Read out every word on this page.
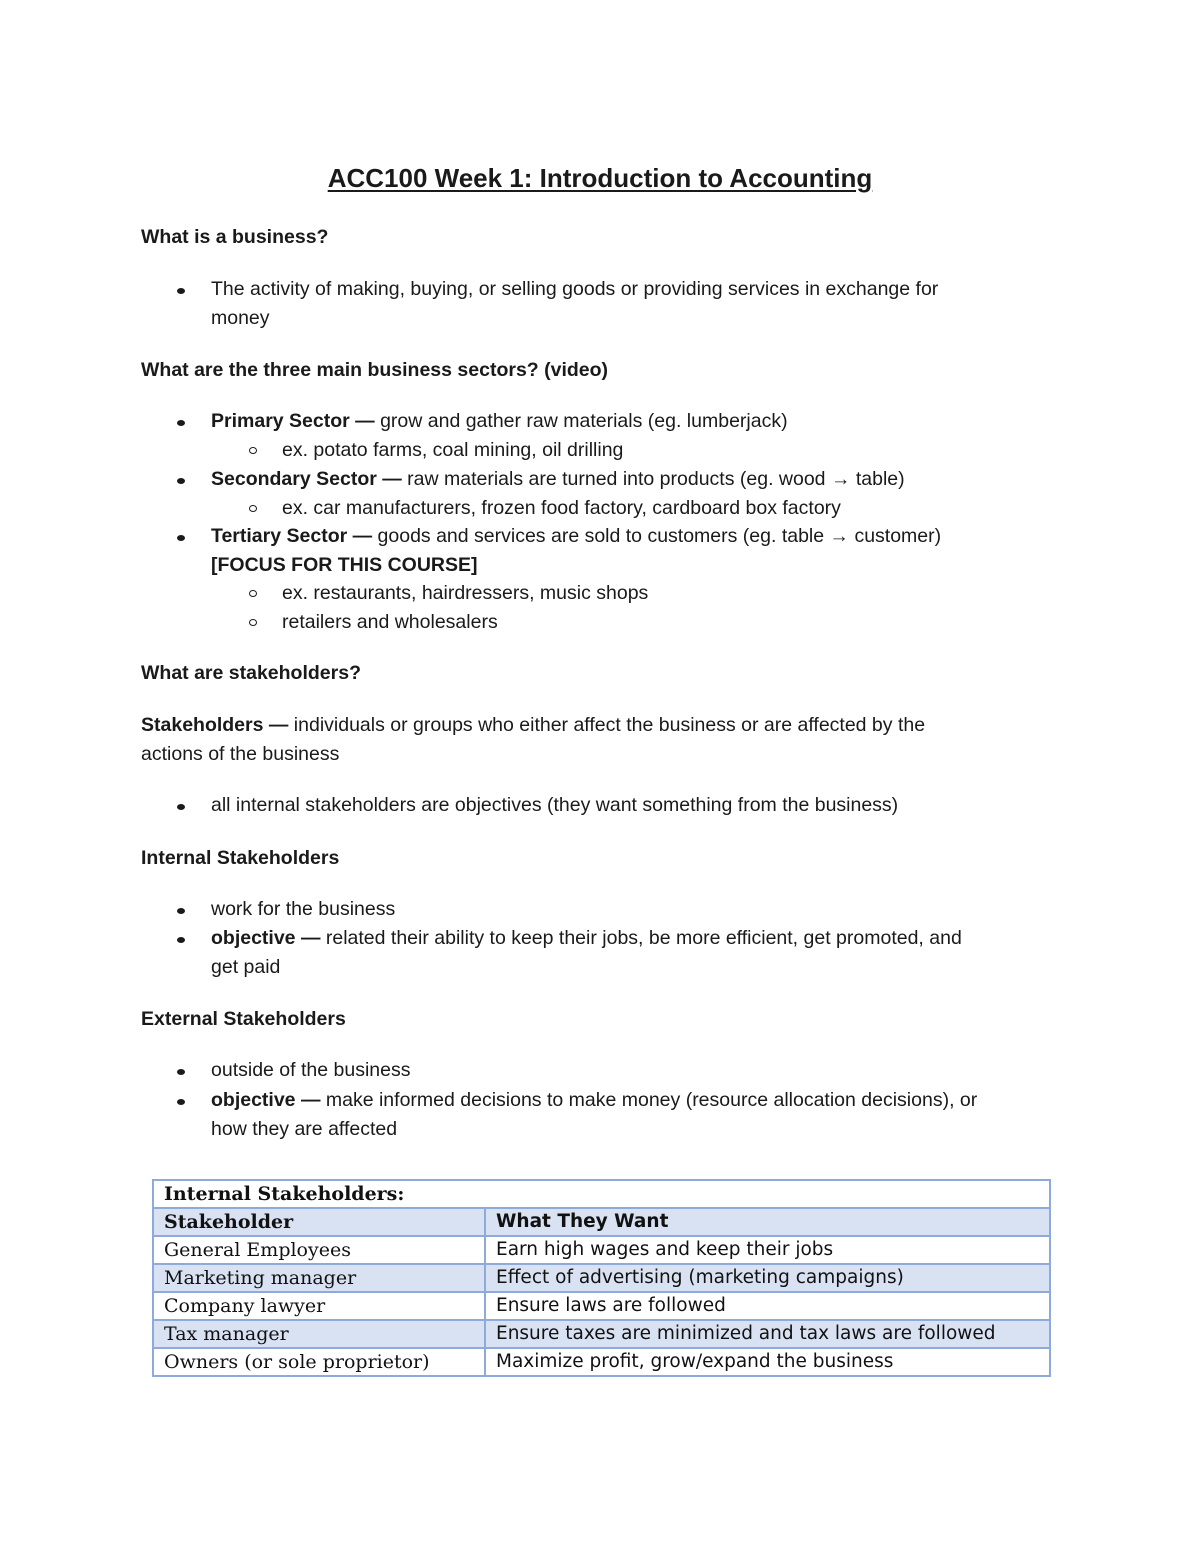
ACC100 Week 1: Introduction to Accounting

What is a business?

The activity of making, buying, or selling goods or providing services in exchange for
money

What are the three main business sectors? (video)

Primary Sector — grow and gather raw materials (eg. lumberjack)

ex. potato farms, coal mining, oil drilling

Secondary Sector — raw materials are turned into products (eg. wood → table)

ex. car manufacturers, frozen food factory, cardboard box factory

Tertiary Sector — goods and services are sold to customers (eg. table → customer)
[FOCUS FOR THIS COURSE]

ex. restaurants, hairdressers, music shops

retailers and wholesalers

What are stakeholders?

Stakeholders — individuals or groups who either affect the business or are affected by the
actions of the business

all internal stakeholders are objectives (they want something from the business)

Internal Stakeholders

work for the business

objective — related their ability to keep their jobs, be more efficient, get promoted, and
get paid

External Stakeholders

outside of the business

objective — make informed decisions to make money (resource allocation decisions), or
how they are affected

Internal Stakeholders:	
Stakeholder	What They Want
General Employees	Earn high wages and keep their jobs
Marketing manager	Effect of advertising (marketing campaigns)
Company lawyer	Ensure laws are followed
Tax manager	Ensure taxes are minimized and tax laws are followed
Owners (or sole proprietor)	Maximize profit, grow/expand the business
